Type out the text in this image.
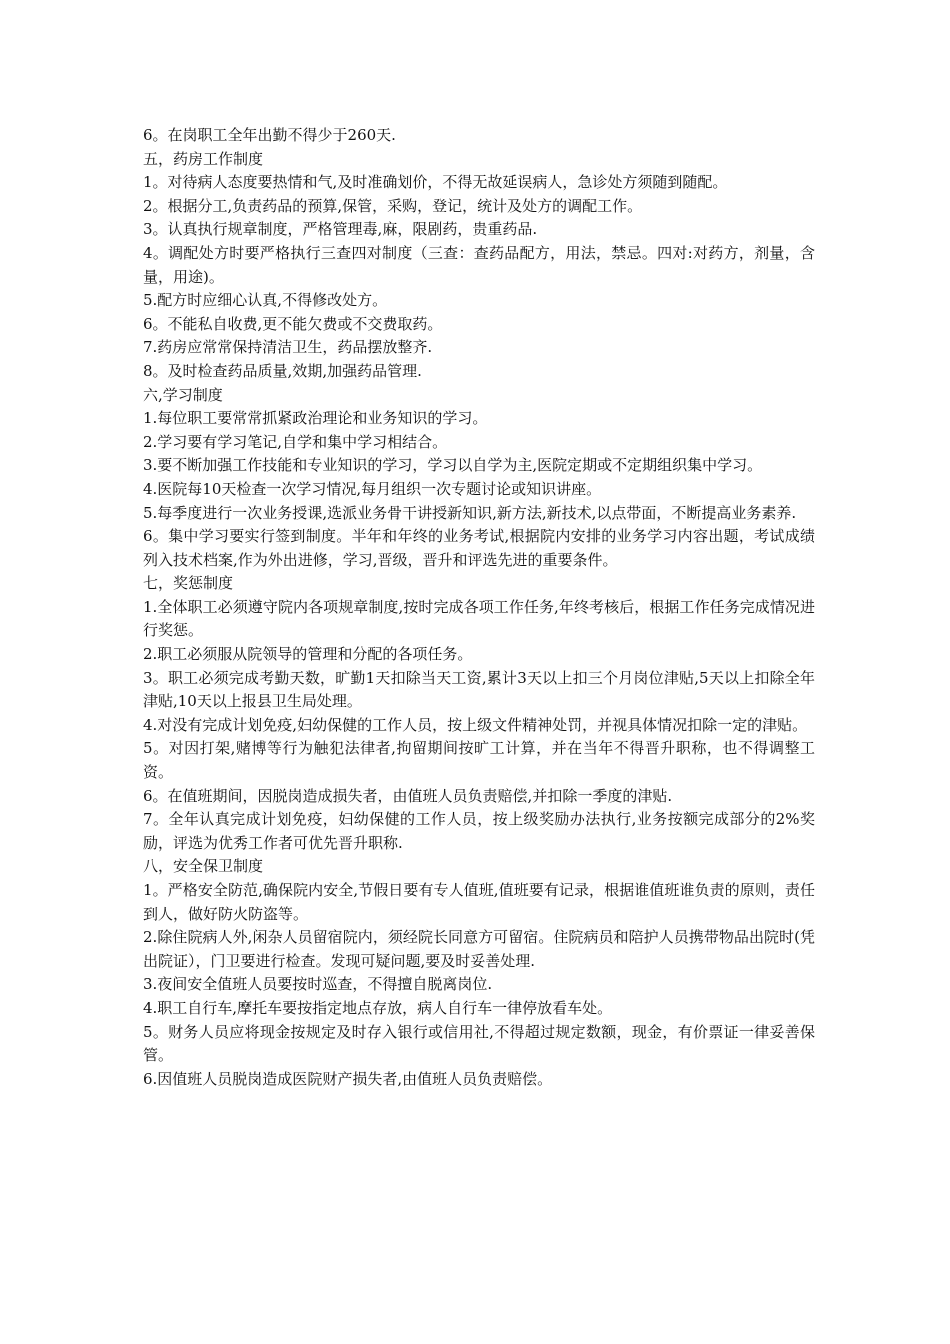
6。在岗职工全年出勤不得少于260天.

五，药房工作制度

1。对待病人态度要热情和气,及时准确划价，不得无故延误病人，急诊处方须随到随配。

2。根据分工,负责药品的预算,保管，采购，登记，统计及处方的调配工作。

3。认真执行规章制度，严格管理毒,麻，限剧药，贵重药品.

4。调配处方时要严格执行三查四对制度（三查：查药品配方，用法，禁忌。四对:对药方，剂量，含量，用途)。

5.配方时应细心认真,不得修改处方。

6。不能私自收费,更不能欠费或不交费取药。

7.药房应常常保持清洁卫生，药品摆放整齐.

8。及时检查药品质量,效期,加强药品管理.

六,学习制度

1.每位职工要常常抓紧政治理论和业务知识的学习。

2.学习要有学习笔记,自学和集中学习相结合。

3.要不断加强工作技能和专业知识的学习，学习以自学为主,医院定期或不定期组织集中学习。

4.医院每10天检查一次学习情况,每月组织一次专题讨论或知识讲座。

5.每季度进行一次业务授课,选派业务骨干讲授新知识,新方法,新技术,以点带面，不断提高业务素养.

6。集中学习要实行签到制度。半年和年终的业务考试,根据院内安排的业务学习内容出题，考试成绩列入技术档案,作为外出进修，学习,晋级，晋升和评选先进的重要条件。

七，奖惩制度

1.全体职工必须遵守院内各项规章制度,按时完成各项工作任务,年终考核后，根据工作任务完成情况进行奖惩。

2.职工必须服从院领导的管理和分配的各项任务。

3。职工必须完成考勤天数，旷勤1天扣除当天工资,累计3天以上扣三个月岗位津贴,5天以上扣除全年津贴,10天以上报县卫生局处理。

4.对没有完成计划免疫,妇幼保健的工作人员，按上级文件精神处罚，并视具体情况扣除一定的津贴。

5。对因打架,赌博等行为触犯法律者,拘留期间按旷工计算，并在当年不得晋升职称，也不得调整工资。

6。在值班期间，因脱岗造成损失者，由值班人员负责赔偿,并扣除一季度的津贴.

7。全年认真完成计划免疫，妇幼保健的工作人员，按上级奖励办法执行,业务按额完成部分的2%奖励，评选为优秀工作者可优先晋升职称.

八，安全保卫制度

1。严格安全防范,确保院内安全,节假日要有专人值班,值班要有记录，根据谁值班谁负责的原则，责任到人，做好防火防盗等。

2.除住院病人外,闲杂人员留宿院内，须经院长同意方可留宿。住院病员和陪护人员携带物品出院时(凭出院证），门卫要进行检查。发现可疑问题,要及时妥善处理.

3.夜间安全值班人员要按时巡查，不得擅自脱离岗位.

4.职工自行车,摩托车要按指定地点存放，病人自行车一律停放看车处。

5。财务人员应将现金按规定及时存入银行或信用社,不得超过规定数额，现金，有价票证一律妥善保管。

6.因值班人员脱岗造成医院财产损失者,由值班人员负责赔偿。
